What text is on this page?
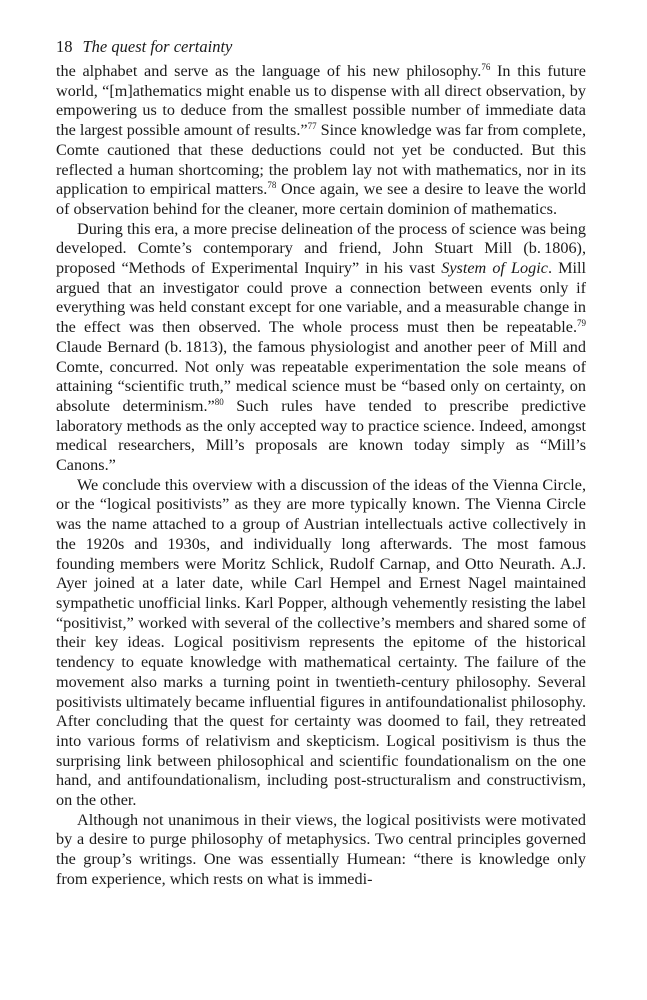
18 The quest for certainty

the alphabet and serve as the language of his new philosophy.$^{76}$ In this future world, “[m]athematics might enable us to dispense with all direct observation, by empowering us to deduce from the smallest possible number of immediate data the largest possible amount of results.”$^{77}$ Since knowledge was far from complete, Comte cautioned that these deductions could not yet be conducted. But this reflected a human shortcoming; the problem lay not with mathematics, nor in its application to empirical matters.$^{78}$ Once again, we see a desire to leave the world of observation behind for the cleaner, more certain dominion of mathematics.

During this era, a more precise delineation of the process of science was being developed. Comte’s contemporary and friend, John Stuart Mill (b. 1806), proposed “Methods of Experimental Inquiry” in his vast System of Logic. Mill argued that an investigator could prove a connection between events only if everything was held constant except for one variable, and a measurable change in the effect was then observed. The whole process must then be repeatable.$^{79}$ Claude Bernard (b. 1813), the famous physiologist and another peer of Mill and Comte, concurred. Not only was repeatable experimentation the sole means of attaining “scientific truth,” medical science must be “based only on certainty, on absolute determinism.”$^{80}$ Such rules have tended to prescribe predictive laboratory methods as the only accepted way to practice science. Indeed, amongst medical researchers, Mill’s proposals are known today simply as “Mill’s Canons.”

We conclude this overview with a discussion of the ideas of the Vienna Circle, or the “logical positivists” as they are more typically known. The Vienna Circle was the name attached to a group of Austrian intellectuals active collectively in the 1920s and 1930s, and individually long afterwards. The most famous founding members were Moritz Schlick, Rudolf Carnap, and Otto Neurath. A.J. Ayer joined at a later date, while Carl Hempel and Ernest Nagel maintained sympathetic unofficial links. Karl Popper, although vehemently resisting the label “positivist,” worked with several of the collective’s members and shared some of their key ideas. Logical positivism represents the epitome of the historical tendency to equate knowledge with mathematical certainty. The failure of the movement also marks a turning point in twentieth-century philosophy. Several positivists ultimately became influential figures in antifoundationalist philosophy. After concluding that the quest for certainty was doomed to fail, they retreated into various forms of relativism and skepticism. Logical positivism is thus the surprising link between philosophical and scientific foundationalism on the one hand, and antifoundationalism, including post-structuralism and constructivism, on the other.

Although not unanimous in their views, the logical positivists were motivated by a desire to purge philosophy of metaphysics. Two central principles governed the group’s writings. One was essentially Humean: “there is knowledge only from experience, which rests on what is immedi-
